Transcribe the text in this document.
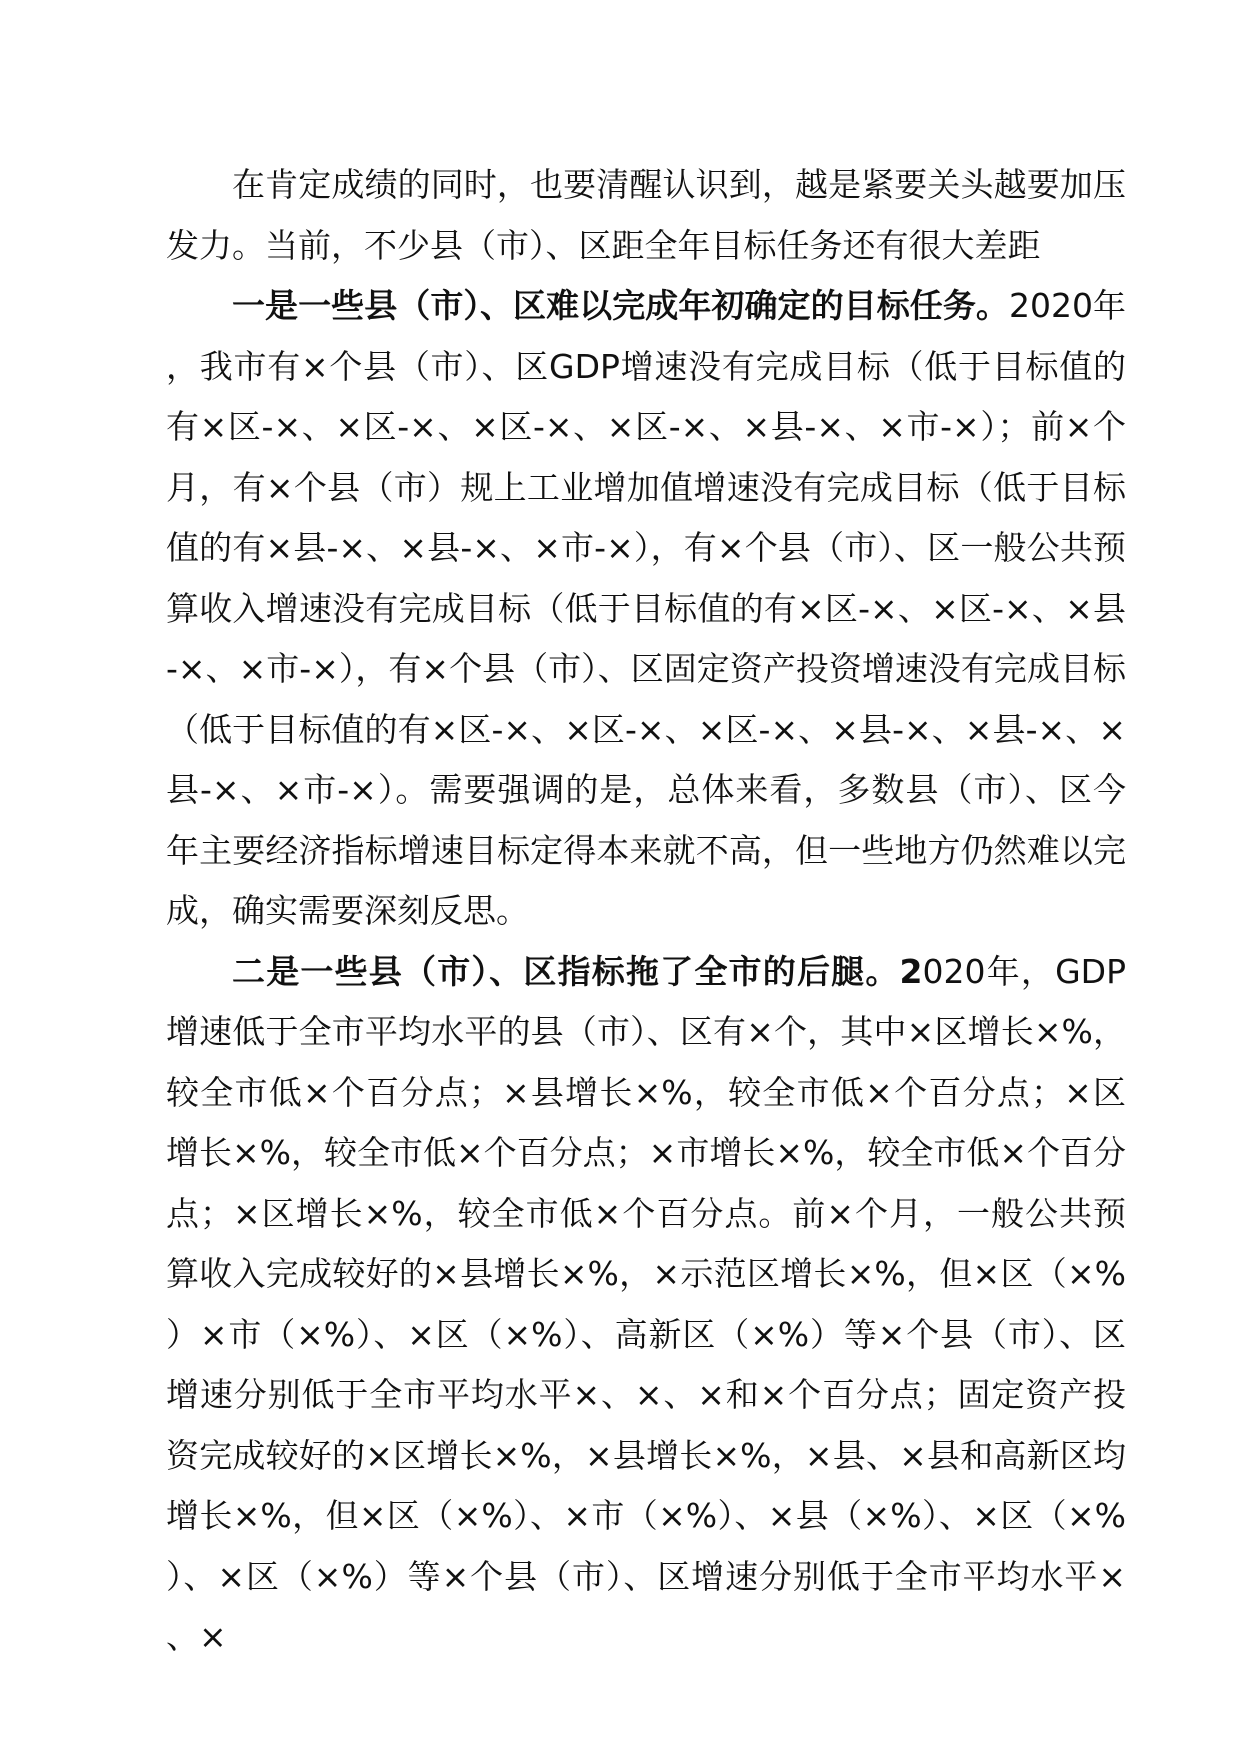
在肯定成绩的同时，也要清醒认识到，越是紧要关头越要加压发力。当前，不少县（市）、区距全年目标任务还有很大差距

一是一些县（市）、区难以完成年初确定的目标任务。2020年，我市有×个县（市）、区GDP增速没有完成目标（低于目标值的有×区-×、×区-×、×区-×、×区-×、×县-×、×市-×）；前×个月，有×个县（市）规上工业增加值增速没有完成目标（低于目标值的有×县-×、×县-×、×市-×），有×个县（市）、区一般公共预算收入增速没有完成目标（低于目标值的有×区-×、×区-×、×县-×、×市-×），有×个县（市）、区固定资产投资增速没有完成目标（低于目标值的有×区-×、×区-×、×区-×、×县-×、×县-×、×县-×、×市-×）。需要强调的是，总体来看，多数县（市）、区今年主要经济指标增速目标定得本来就不高，但一些地方仍然难以完成，确实需要深刻反思。

二是一些县（市）、区指标拖了全市的后腿。2020年，GDP增速低于全市平均水平的县（市）、区有×个，其中×区增长×%，较全市低×个百分点；×县增长×%，较全市低×个百分点；×区增长×%，较全市低×个百分点；×市增长×%，较全市低×个百分点；×区增长×%，较全市低×个百分点。前×个月，一般公共预算收入完成较好的×县增长×%，×示范区增长×%，但×区（×%）×市（×%）、×区（×%）、高新区（×%）等×个县（市）、区增速分别低于全市平均水平×、×、×和×个百分点；固定资产投资完成较好的×区增长×%，×县增长×%，×县、×县和高新区均增长×%，但×区（×%）、×市（×%）、×县（×%）、×区（×%）、×区（×%）等×个县（市）、区增速分别低于全市平均水平×、×
